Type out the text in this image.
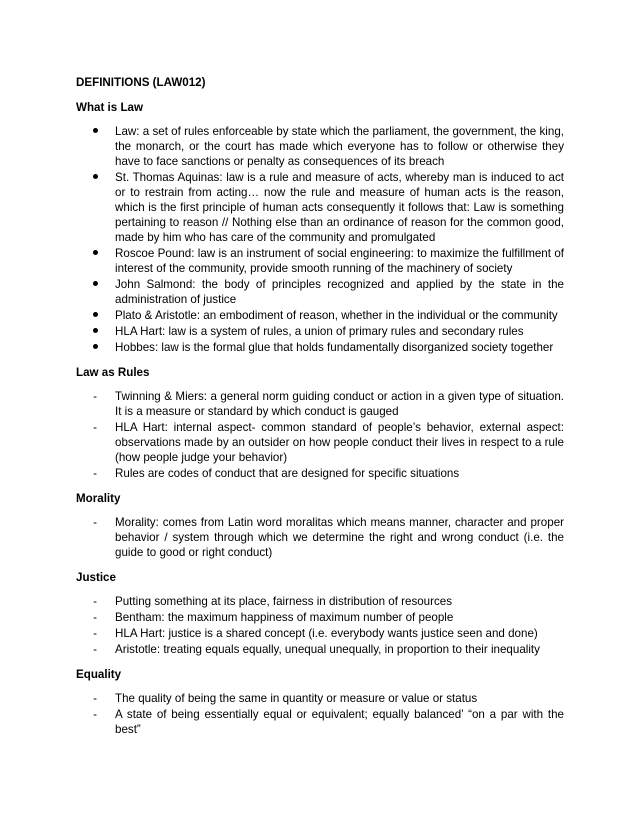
DEFINITIONS (LAW012)
What is Law
Law: a set of rules enforceable by state which the parliament, the government, the king, the monarch, or the court has made which everyone has to follow or otherwise they have to face sanctions or penalty as consequences of its breach
St. Thomas Aquinas: law is a rule and measure of acts, whereby man is induced to act or to restrain from acting… now the rule and measure of human acts is the reason, which is the first principle of human acts consequently it follows that: Law is something pertaining to reason // Nothing else than an ordinance of reason for the common good, made by him who has care of the community and promulgated
Roscoe Pound: law is an instrument of social engineering: to maximize the fulfillment of interest of the community, provide smooth running of the machinery of society
John Salmond: the body of principles recognized and applied by the state in the administration of justice
Plato & Aristotle: an embodiment of reason, whether in the individual or the community
HLA Hart: law is a system of rules, a union of primary rules and secondary rules
Hobbes: law is the formal glue that holds fundamentally disorganized society together
Law as Rules
-	Twinning & Miers: a general norm guiding conduct or action in a given type of situation. It is a measure or standard by which conduct is gauged
-	HLA Hart: internal aspect- common standard of people’s behavior, external aspect: observations made by an outsider on how people conduct their lives in respect to a rule (how people judge your behavior)
-	Rules are codes of conduct that are designed for specific situations
Morality
-	Morality: comes from Latin word moralitas which means manner, character and proper behavior / system through which we determine the right and wrong conduct (i.e. the guide to good or right conduct)
Justice
-	Putting something at its place, fairness in distribution of resources
-	Bentham: the maximum happiness of maximum number of people
-	HLA Hart: justice is a shared concept (i.e. everybody wants justice seen and done)
-	Aristotle: treating equals equally, unequal unequally, in proportion to their inequality
Equality
-	The quality of being the same in quantity or measure or value or status
-	A state of being essentially equal or equivalent; equally balanced’ “on a par with the best”
